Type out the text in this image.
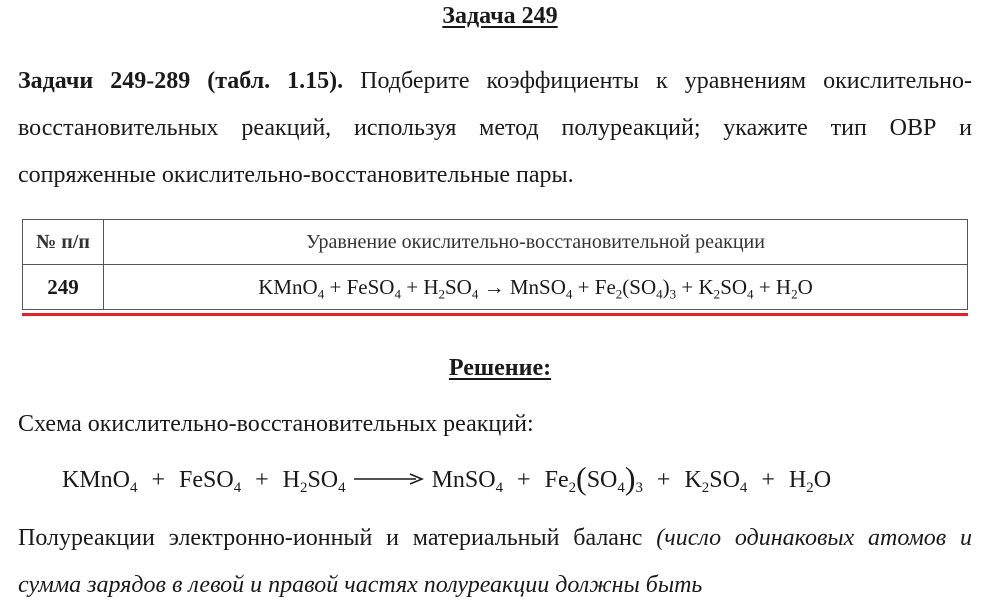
Задача 249
Задачи 249-289 (табл. 1.15). Подберите коэффициенты к уравнениям окислительно-восстановительных реакций, используя метод полуреакций; укажите тип ОВР и сопряженные окислительно-восстановительные пары.
№ п/п	Уравнение окислительно-восстановительной реакции
249	KMnO$_4$ + FeSO$_4$ + $H_2SO_4$ → MnSO$_4$ + $Fe_2(SO_4)_3 + K_2SO_4 + H_2O$
Решение:
Схема окислительно-восстановительных реакций:
KMnO$_4$ + FeSO$_4$ + $H_2SO_4$ → MnSO$_4$ + $Fe_2(SO_4)_3 + K_2SO_4 + H_2O$
Полуреакции электронно-ионный и материальный баланс (число одинаковых атомов и сумма зарядов в левой и правой частях полуреакции должны быть
